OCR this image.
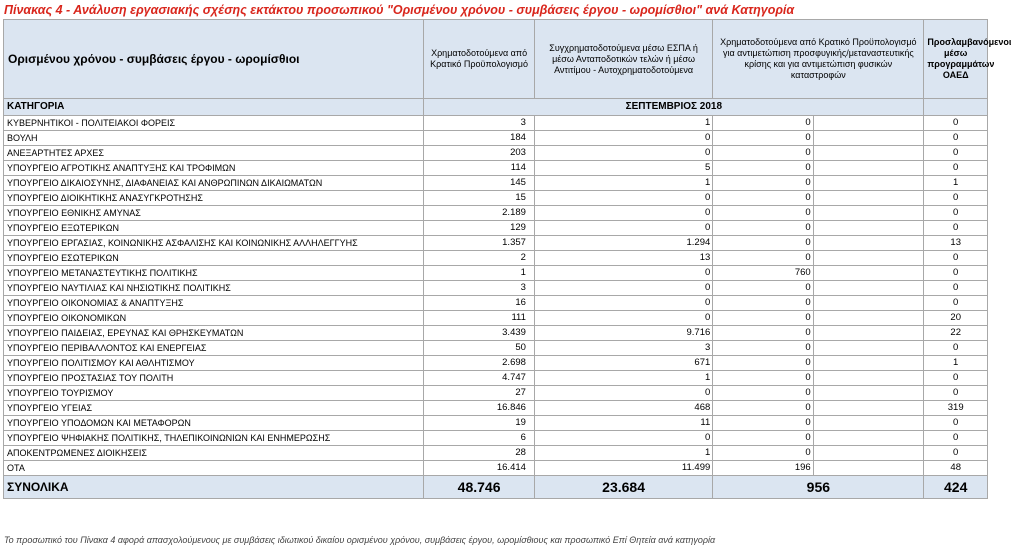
Πίνακας 4 - Ανάλυση εργασιακής σχέσης εκτάκτου προσωπικού "Ορισμένου χρόνου - συμβάσεις έργου - ωρομίσθιοι" ανά Κατηγορία
Ορισμένου χρόνου - συμβάσεις έργου - ωρομίσθιοι	Χρηματοδοτούμενα από Κρατικό Προϋπολογισμό	Συγχρηματοδοτούμενα μέσω ΕΣΠΑ ή μέσω Ανταποδοτικών τελών ή μέσω Αντιτίμου - Αυτοχρηματοδοτούμενα	Χρηματοδοτούμενα από Κρατικό Προϋπολογισμό για αντιμετώπιση προσφυγικής/μεταναστευτικής κρίσης και για αντιμετώπιση φυσικών καταστροφών		Προσλαμβανόμενοι μέσω προγραμμάτων ΟΑΕΔ
ΚΑΤΗΓΟΡΙΑ	ΣΕΠΤΕΜΒΡΙΟΣ 2018				
ΚΥΒΕΡΝΗΤΙΚΟΙ - ΠΟΛΙΤΕΙΑΚΟΙ ΦΟΡΕΙΣ	3	1	0		0
ΒΟΥΛΗ	184	0	0		0
ΑΝΕΞΑΡΤΗΤΕΣ ΑΡΧΕΣ	203	0	0		0
ΥΠΟΥΡΓΕΙΟ ΑΓΡΟΤΙΚΗΣ ΑΝΑΠΤΥΞΗΣ ΚΑΙ ΤΡΟΦΙΜΩΝ	114	5	0		0
ΥΠΟΥΡΓΕΙΟ ΔΙΚΑΙΟΣΥΝΗΣ, ΔΙΑΦΑΝΕΙΑΣ ΚΑΙ ΑΝΘΡΩΠΙΝΩΝ ΔΙΚΑΙΩΜΑΤΩΝ	145	1	0		1
ΥΠΟΥΡΓΕΙΟ ΔΙΟΙΚΗΤΙΚΗΣ ΑΝΑΣΥΓΚΡΟΤΗΣΗΣ	15	0	0		0
ΥΠΟΥΡΓΕΙΟ ΕΘΝΙΚΗΣ ΑΜΥΝΑΣ	2.189	0	0		0
ΥΠΟΥΡΓΕΙΟ ΕΞΩΤΕΡΙΚΩΝ	129	0	0		0
ΥΠΟΥΡΓΕΙΟ ΕΡΓΑΣΙΑΣ, ΚΟΙΝΩΝΙΚΗΣ ΑΣΦΑΛΙΣΗΣ ΚΑΙ ΚΟΙΝΩΝΙΚΗΣ ΑΛΛΗΛΕΓΓΥΗΣ	1.357	1.294	0		13
ΥΠΟΥΡΓΕΙΟ ΕΣΩΤΕΡΙΚΩΝ	2	13	0		0
ΥΠΟΥΡΓΕΙΟ ΜΕΤΑΝΑΣΤΕΥΤΙΚΗΣ ΠΟΛΙΤΙΚΗΣ	1	0	760		0
ΥΠΟΥΡΓΕΙΟ ΝΑΥΤΙΛΙΑΣ ΚΑΙ ΝΗΣΙΩΤΙΚΗΣ ΠΟΛΙΤΙΚΗΣ	3	0	0		0
ΥΠΟΥΡΓΕΙΟ ΟΙΚΟΝΟΜΙΑΣ & ΑΝΑΠΤΥΞΗΣ	16	0	0		0
ΥΠΟΥΡΓΕΙΟ ΟΙΚΟΝΟΜΙΚΩΝ	111	0	0		20
ΥΠΟΥΡΓΕΙΟ ΠΑΙΔΕΙΑΣ, ΕΡΕΥΝΑΣ ΚΑΙ ΘΡΗΣΚΕΥΜΑΤΩΝ	3.439	9.716	0		22
ΥΠΟΥΡΓΕΙΟ ΠΕΡΙΒΑΛΛΟΝΤΟΣ ΚΑΙ ΕΝΕΡΓΕΙΑΣ	50	3	0		0
ΥΠΟΥΡΓΕΙΟ ΠΟΛΙΤΙΣΜΟΥ ΚΑΙ ΑΘΛΗΤΙΣΜΟΥ	2.698	671	0		1
ΥΠΟΥΡΓΕΙΟ ΠΡΟΣΤΑΣΙΑΣ ΤΟΥ ΠΟΛΙΤΗ	4.747	1	0		0
ΥΠΟΥΡΓΕΙΟ ΤΟΥΡΙΣΜΟΥ	27	0	0		0
ΥΠΟΥΡΓΕΙΟ ΥΓΕΙΑΣ	16.846	468	0		319
ΥΠΟΥΡΓΕΙΟ ΥΠΟΔΟΜΩΝ ΚΑΙ ΜΕΤΑΦΟΡΩΝ	19	11	0		0
ΥΠΟΥΡΓΕΙΟ ΨΗΦΙΑΚΗΣ ΠΟΛΙΤΙΚΗΣ, ΤΗΛΕΠΙΚΟΙΝΩΝΙΩΝ ΚΑΙ ΕΝΗΜΕΡΩΣΗΣ	6	0	0		0
ΑΠΟΚΕΝΤΡΩΜΕΝΕΣ ΔΙΟΙΚΗΣΕΙΣ	28	1	0		0
ΟΤΑ	16.414	11.499	196		48
ΣΥΝΟΛΙΚΑ	48.746	23.684	956		424
Το προσωπικό του Πίνακα 4 αφορά απασχολούμενους με συμβάσεις ιδιωτικού δικαίου ορισμένου χρόνου, συμβάσεις έργου, ωρομίσθιους και προσωπικό Επί Θητεία ανά κατηγορία
